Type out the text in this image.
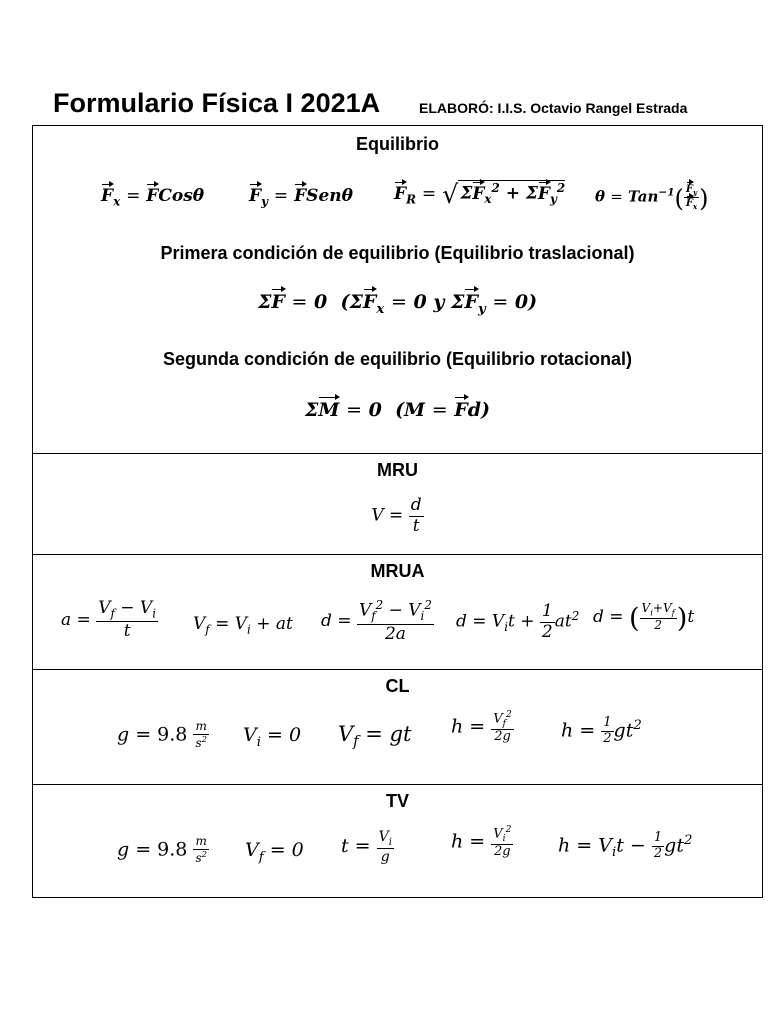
Formulario Física I 2021A	ELABORÓ: I.I.S. Octavio Rangel Estrada
Equilibrio
$F_x$ = FCosθ	$F_y$ = FSenθ $F_R$ = √ $\Sigma F_x^2 + \Sigma F_y^2$ $\theta = Tan^{-1}( \frac{F_y}{F_x}$ )
Primera condición de equilibrio (Equilibrio traslacional)
ΣF = 0  ($\Sigma F_x = 0$ y $\Sigma F_y = 0$)
Segunda condición de equilibrio (Equilibrio rotacional)
ΣM = 0  (M = Fd)
MRU
$V = \frac{d}{t}$
MRUA
$a = \frac{V_f - V_i}{t} V_f = V_i$ + at $d = \frac{V_f^2 - V_i^2}{2a}$ $d = V_it + \frac{1}{2} at^2$ d = ( $\frac{V_i+V_f}{2} )t$
CL
$g = 9.8 \frac{m}{s^2} V_i = 0$ $V_f$ = gt $h = \frac{V_f^2}{2g}$ $h = \frac{1}{2} gt^2$
TV
$g = 9.8 \frac{m}{s^2} V_f = 0$ $t = \frac{V_i}{g}$	$h = \frac{V_i^2}{2g}$ $h = V_it - \frac{1}{2} gt^2$
